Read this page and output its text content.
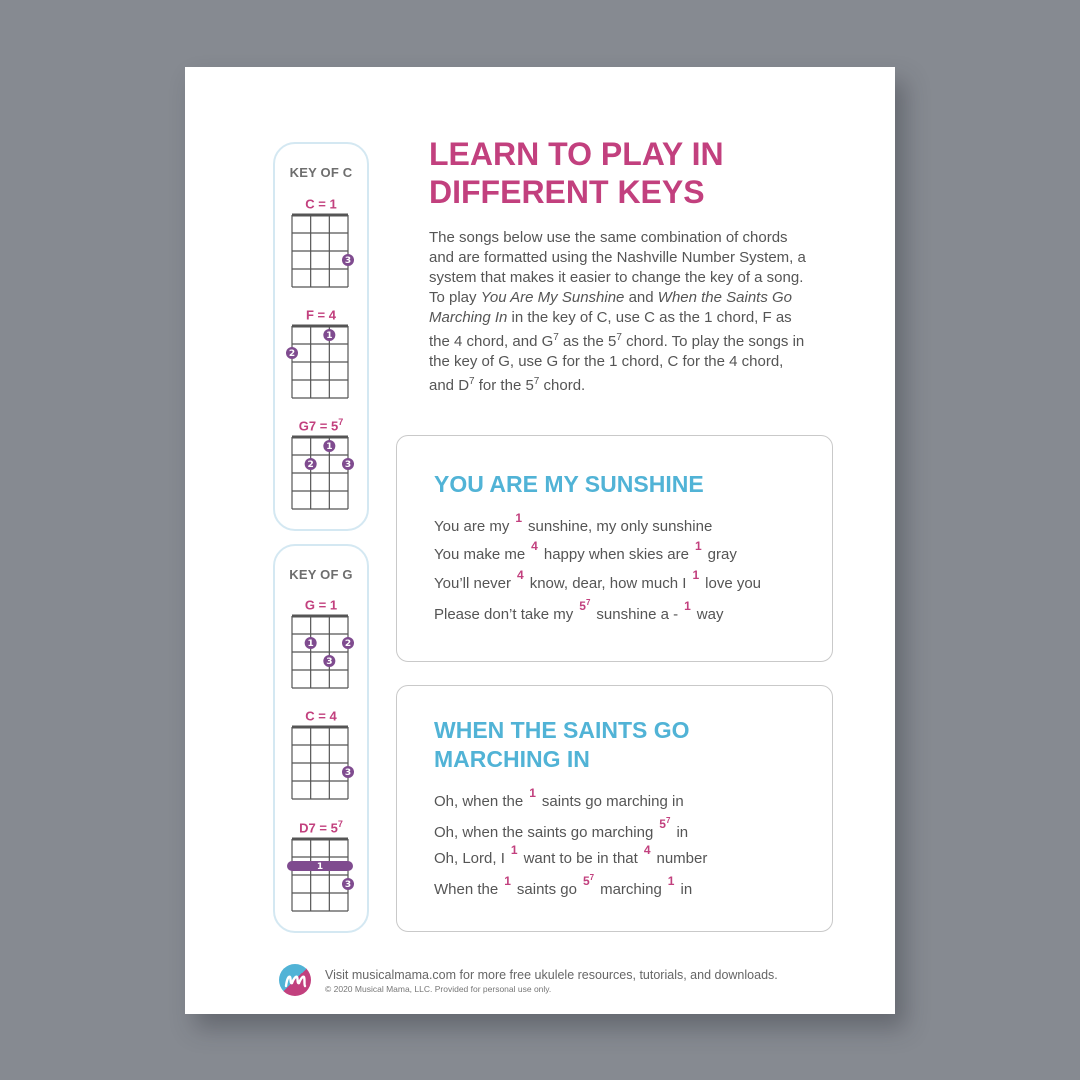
KEY OF C
C = 1
3
F = 4
2
1
$G7 = 5^7$
2
1
3
KEY OF G
G = 1
1
3
2
C = 4
3
$D7 = 5^7$
1
3
LEARN TO PLAY IN
DIFFERENT KEYS
The songs below use the same combination of chords and are formatted using the Nashville Number System, a system that makes it easier to change the key of a song. To play You Are My Sunshine and When the Saints Go Marching In in the key of C, use C as the 1 chord, F as the 4 chord, and $G^7$ as the $5^7$ chord. To play the songs in the key of G, use G for the 1 chord, C for the 4 chord, and $D^7$ for the $5^7$ chord.
YOU ARE MY SUNSHINE
You are my 1 sunshine, my only sunshine
You make me 4 happy when skies are 1 gray
You’ll never 4 know, dear, how much I 1 love you
Please don’t take my $5^7sunshine$ a - 1 way
WHEN THE SAINTS GO MARCHING IN
Oh, when the 1 saints go marching in
Oh, when the saints go marching $5^7in$
Oh, Lord, I 1 want to be in that 4 number
When the 1 saints go $5^7marching$ 1 in
Visit musicalmama.com for more free ukulele resources, tutorials, and downloads.
© 2020 Musical Mama, LLC. Provided for personal use only.
